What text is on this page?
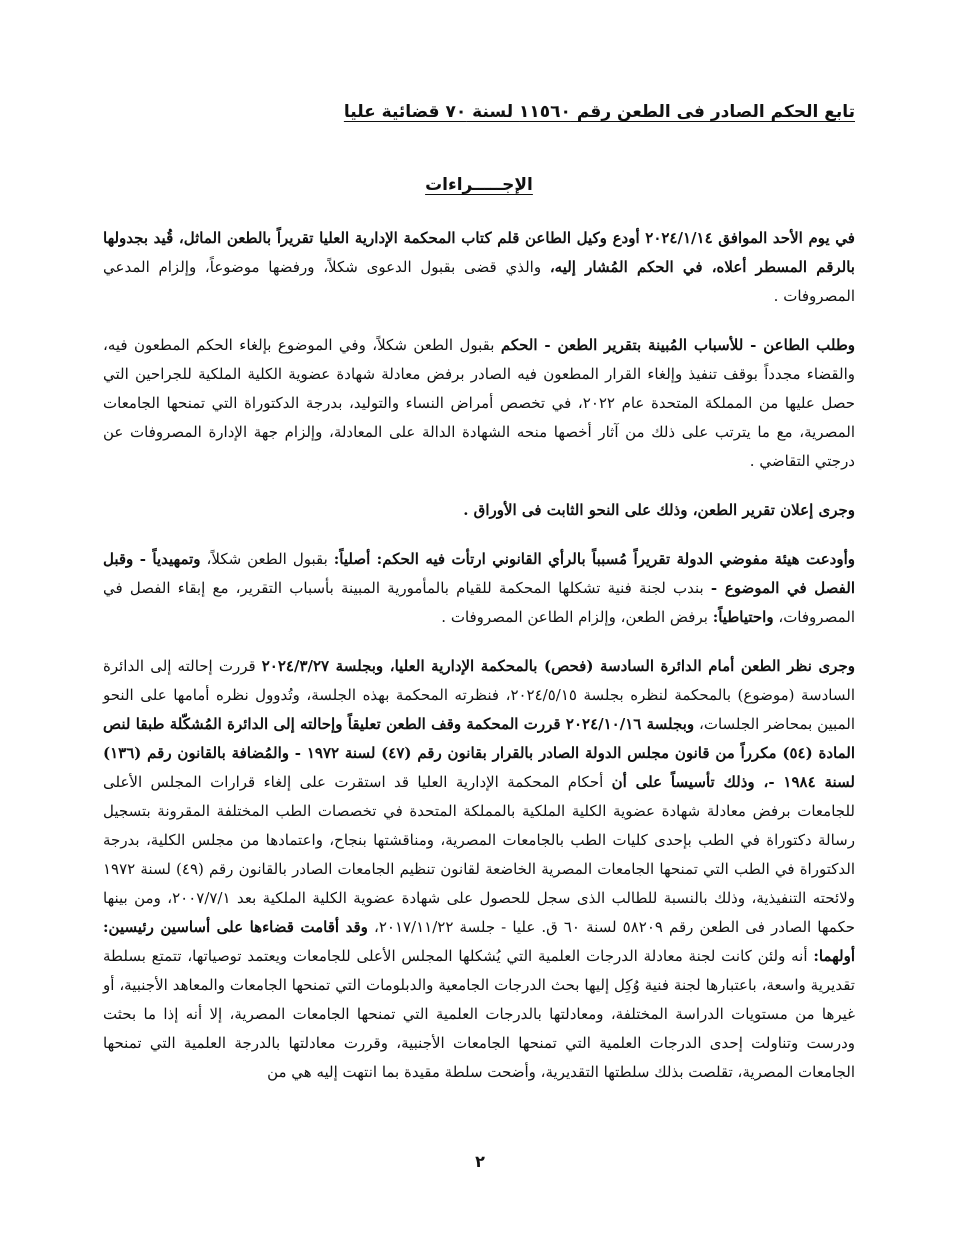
تابع الحكم الصادر فى الطعن رقم ١١٥٦٠ لسنة ٧٠ قضائية عليا
الإجـــــراءات

في يوم الأحد الموافق ٢٠٢٤/١/١٤ أودع وكيل الطاعن قلم كتاب المحكمة الإدارية العليا تقريراً بالطعن الماثل، قُيد بجدولها بالرقم المسطر أعلاه، في الحكم المُشار إليه، والذي قضى بقبول الدعوى شكلاً، ورفضها موضوعاً، وإلزام المدعي المصروفات .

وطلب الطاعن - للأسباب المُبينة بتقرير الطعن - الحكم بقبول الطعن شكلاً، وفي الموضوع بإلغاء الحكم المطعون فيه، والقضاء مجدداً بوقف تنفيذ وإلغاء القرار المطعون فيه الصادر برفض معادلة شهادة عضوية الكلية الملكية للجراحين التي حصل عليها من المملكة المتحدة عام ٢٠٢٢، في تخصص أمراض النساء والتوليد، بدرجة الدكتوراة التي تمنحها الجامعات المصرية، مع ما يترتب على ذلك من آثار أخصها منحه الشهادة الدالة على المعادلة، وإلزام جهة الإدارة المصروفات عن درجتي التقاضي .

وجرى إعلان تقرير الطعن، وذلك على النحو الثابت فى الأوراق .

وأودعت هيئة مفوضي الدولة تقريراً مُسبباً بالرأي القانوني ارتأت فيه الحكم: أصلياً: بقبول الطعن شكلاً، وتمهيدياً - وقبل الفصل في الموضوع - بندب لجنة فنية تشكلها المحكمة للقيام بالمأمورية المبينة بأسباب التقرير، مع إبقاء الفصل في المصروفات، واحتياطياً: برفض الطعن، وإلزام الطاعن المصروفات .

وجرى نظر الطعن أمام الدائرة السادسة (فحص) بالمحكمة الإدارية العليا، وبجلسة ٢٠٢٤/٣/٢٧ قررت إحالته إلى الدائرة السادسة (موضوع) بالمحكمة لنظره بجلسة ٢٠٢٤/٥/١٥، فنظرته المحكمة بهذه الجلسة، وتُدوول نظره أمامها على النحو المبين بمحاضر الجلسات، وبجلسة ٢٠٢٤/١٠/١٦ قررت المحكمة وقف الطعن تعليقاً وإحالته إلى الدائرة المُشكّلة طبقا لنص المادة (٥٤) مكرراً من قانون مجلس الدولة الصادر بالقرار بقانون رقم (٤٧) لسنة ١٩٧٢ - والمُضافة بالقانون رقم (١٣٦) لسنة ١٩٨٤ -، وذلك تأسيساً على أن أحكام المحكمة الإدارية العليا قد استقرت على إلغاء قرارات المجلس الأعلى للجامعات برفض معادلة شهادة عضوية الكلية الملكية بالمملكة المتحدة في تخصصات الطب المختلفة المقرونة بتسجيل رسالة دكتوراة في الطب بإحدى كليات الطب بالجامعات المصرية، ومناقشتها بنجاح، واعتمادها من مجلس الكلية، بدرجة الدكتوراة في الطب التي تمنحها الجامعات المصرية الخاضعة لقانون تنظيم الجامعات الصادر بالقانون رقم (٤٩) لسنة ١٩٧٢ ولائحته التنفيذية، وذلك بالنسبة للطالب الذى سجل للحصول على شهادة عضوية الكلية الملكية بعد ٢٠٠٧/٧/١، ومن بينها حكمها الصادر فى الطعن رقم ٥٨٢٠٩ لسنة ٦٠ ق. عليا - جلسة ٢٠١٧/١١/٢٢، وقد أقامت قضاءها على أساسين رئيسين: أولهما: أنه ولئن كانت لجنة معادلة الدرجات العلمية التي يُشكلها المجلس الأعلى للجامعات ويعتمد توصياتها، تتمتع بسلطة تقديرية واسعة، باعتبارها لجنة فنية وُكِل إليها بحث الدرجات الجامعية والدبلومات التي تمنحها الجامعات والمعاهد الأجنبية، أو غيرها من مستويات الدراسة المختلفة، ومعادلتها بالدرجات العلمية التي تمنحها الجامعات المصرية، إلا أنه إذا ما بحثت ودرست وتناولت إحدى الدرجات العلمية التي تمنحها الجامعات الأجنبية، وقررت معادلتها بالدرجة العلمية التي تمنحها الجامعات المصرية، تقلصت بذلك سلطتها التقديرية، وأضحت سلطة مقيدة بما انتهت إليه هي من

٢
